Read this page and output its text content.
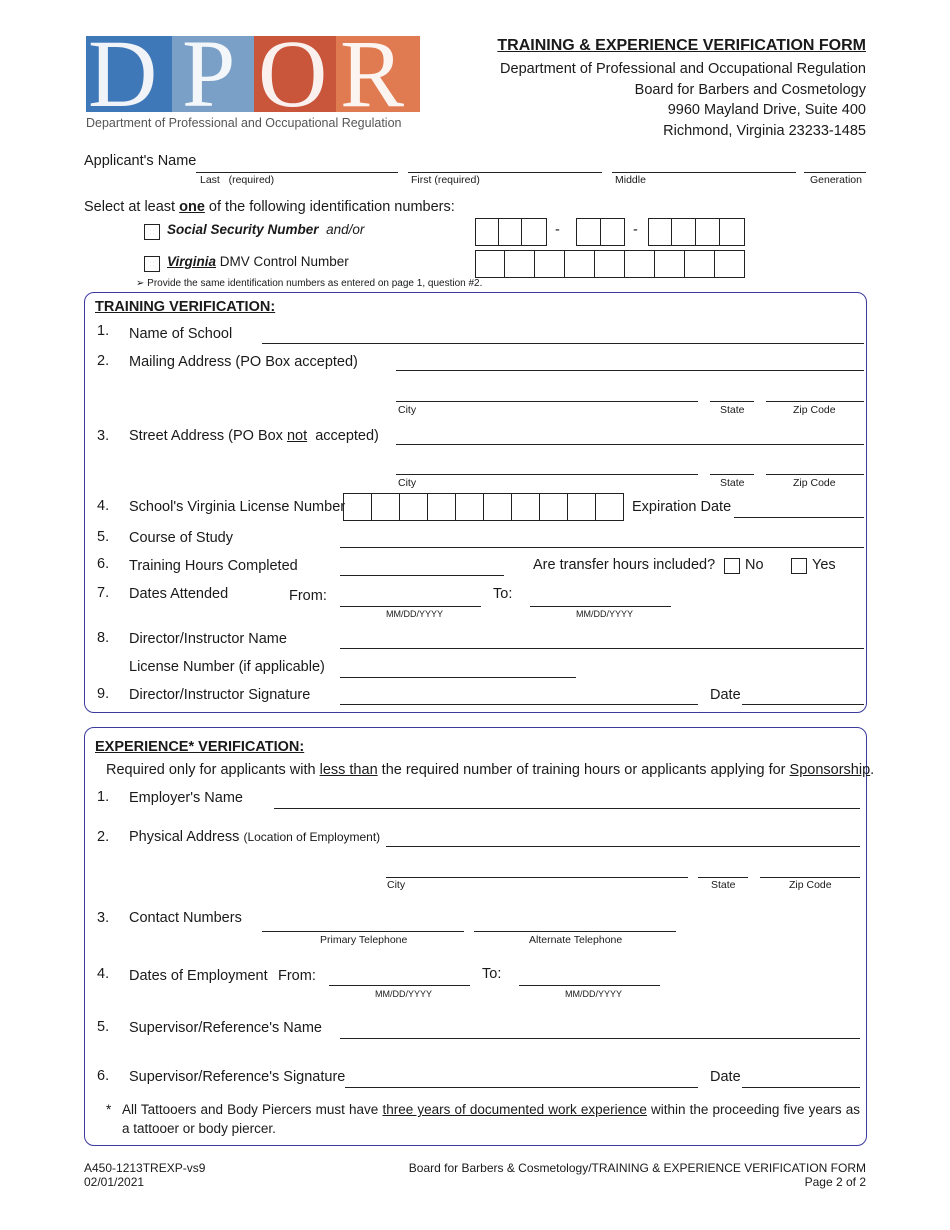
D P O R
Department of Professional and Occupational Regulation
TRAINING & EXPERIENCE VERIFICATION FORM
Department of Professional and Occupational Regulation
Board for Barbers and Cosmetology
9960 Mayland Drive, Suite 400
Richmond, Virginia 23233-1485
Applicant's Name
Last   (required)	First (required)	Middle	Generation
Select at least one of the following identification numbers:
Social Security Number and/or	-	-
Virginia DMV Control Number
➢ Provide the same identification numbers as entered on page 1, question #2.
TRAINING VERIFICATION:
1. Name of School
2. Mailing Address (PO Box accepted)
City	State	Zip Code
3. Street Address (PO Box not  accepted)
City	State	Zip Code
4. School's Virginia License Number	Expiration Date
5. Course of Study
6. Training Hours Completed	Are transfer hours included? No	Yes
7. Dates Attended	From:
MM/DD/YYYY
To:
MM/DD/YYYY
8. Director/Instructor Name
License Number (if applicable)
9. Director/Instructor Signature	Date
EXPERIENCE* VERIFICATION:
Required only for applicants with less than the required number of training hours or applicants applying for Sponsorship.
1. Employer's Name
2. Physical Address (Location of Employment)
City	State	Zip Code
3. Contact Numbers
Primary Telephone	Alternate Telephone
4. Dates of Employment From:
MM/DD/YYYY
To:
MM/DD/YYYY
5. Supervisor/Reference's Name
6. Supervisor/Reference's Signature	Date
* All Tattooers and Body Piercers must have three years of documented work experience within the proceeding five years as a tattooer or body piercer.
A450-1213TREXP-vs9
02/01/2021
Board for Barbers & Cosmetology/TRAINING & EXPERIENCE VERIFICATION FORM
Page 2 of 2
